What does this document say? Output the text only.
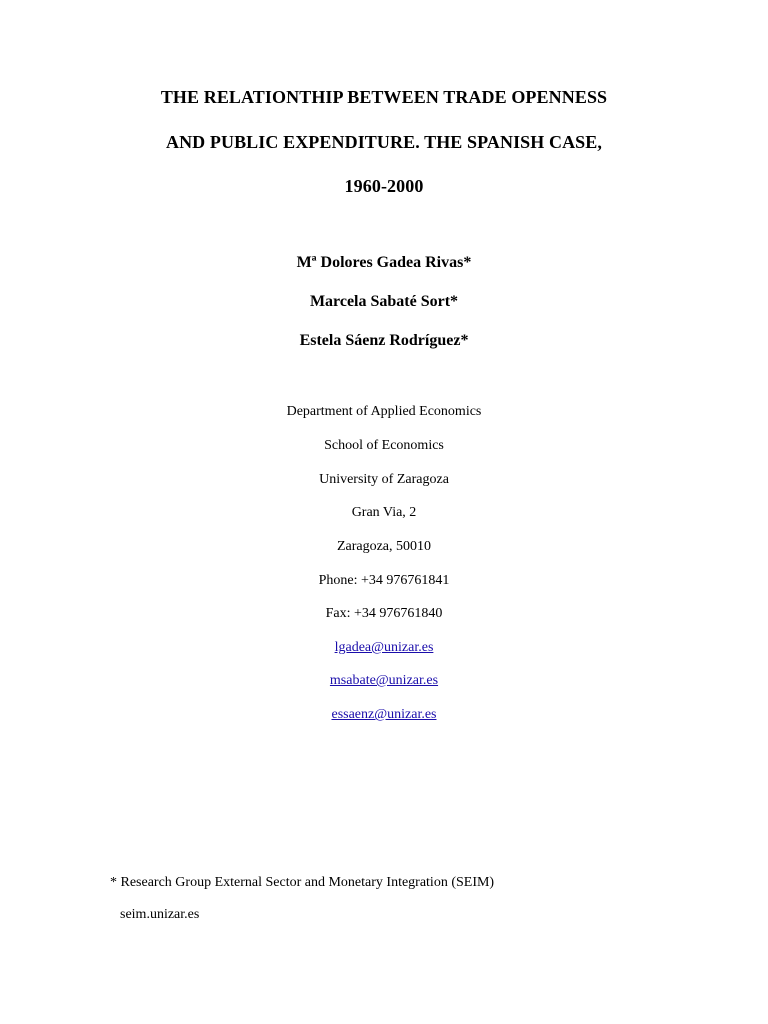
THE RELATIONTHIP BETWEEN TRADE OPENNESS
AND PUBLIC EXPENDITURE. THE SPANISH CASE,
1960-2000
Mª Dolores Gadea Rivas*
Marcela Sabaté Sort*
Estela Sáenz Rodríguez*
Department of Applied Economics
School of Economics
University of Zaragoza
Gran Via, 2
Zaragoza, 50010
Phone: +34 976761841
Fax: +34 976761840
lgadea@unizar.es
msabate@unizar.es
essaenz@unizar.es
* Research Group External Sector and Monetary Integration (SEIM)
seim.unizar.es
